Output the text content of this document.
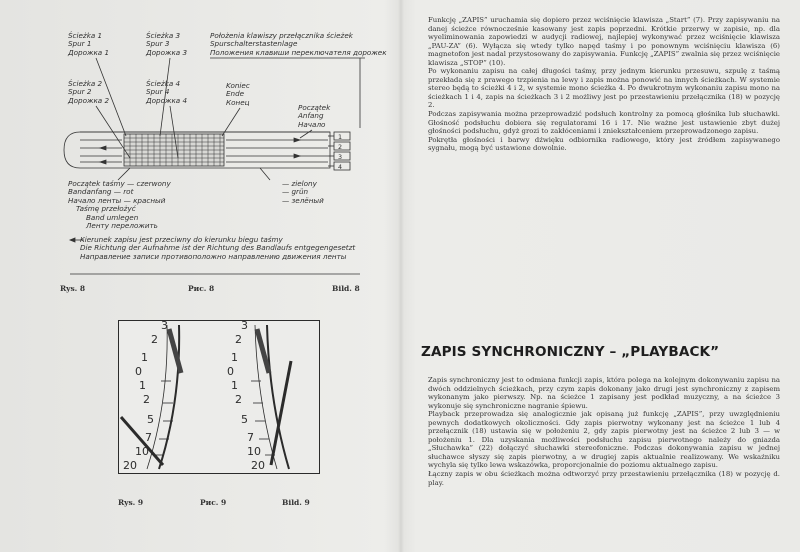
Ścieżka 1
Spur 1
Дорожка 1
Ścieżka 3
Spur 3
Дорожка 3
Położenia klawiszy przełącznika ścieżek
Spurschalterstastenlage
Положения клавиши переключателя дорожек
Ścieżka 2
Spur 2
Дорожка 2
Ścieżka 4
Spur 4
Дорожка 4
Koniec
Ende
Конец
Początek
Anfang
Начало
1
2
3
4
Początek taśmy — czerwony
Bandanfang — rot
Начало ленты — красный
Taśmę przełożyć
Band umlegen
Ленту переложить
— zielony
— grün
— зелёный
Kierunek zapisu jest przeciwny do kierunku biegu taśmy
Die Richtung der Aufnahme ist der Richtung des Bandlaufs entgegengesetzt
Направление записи противоположно направлению движения ленты
Rys. 8	Рис. 8	Bild. 8
3
2
1
0
1
2
5
7
10
20
3
2
1
0
1
2
5
7
10
20
Rys. 9	Рис. 9	Bild. 9

Funkcję „ZAPIS” uruchamia się dopiero przez wciśnięcie klawisza „Start” (7). Przy zapisywaniu na danej ścieżce równocześnie kasowany jest zapis poprzedni. Krótkie przerwy w zapisie, np. dla wyeliminowania zapowiedzi w audycji radiowej, najlepiej wykonywać przez wciśnięcie klawisza „PAU-ZA” (6). Wyłącza się wtedy tylko napęd taśmy i po ponownym wciśnięciu klawisza (6) magnetofon jest nadal przystosowany do zapisywania. Funkcję „ZAPIS” zwalnia się przez wciśnięcie klawisza „STOP” (10).

Po wykonaniu zapisu na całej długości taśmy, przy jednym kierunku przesuwu, szpulę z taśmą przekłada się z prawego trzpienia na lewy i zapis można ponowić na innych ścieżkach. W systemie stereo będą to ścieżki 4 i 2, w systemie mono ścieżka 4. Po dwukrotnym wykonaniu zapisu mono na ścieżkach 1 i 4, zapis na ścieżkach 3 i 2 możliwy jest po przestawieniu przełącznika (18) w pozycję 2.

Podczas zapisywania można przeprowadzić podsłuch kontrolny za pomocą głośnika lub słuchawki. Głośność podsłuchu dobiera się regulatorami 16 i 17. Nie ważne jest ustawienie zbyt dużej głośności podsłuchu, gdyż grozi to zakłóceniami i zniekształceniem przeprowadzonego zapisu.

Pokrętła głośności i barwy dźwięku odbiornika radiowego, który jest źródłem zapisywanego sygnału, mogą być ustawione dowolnie.

ZAPIS SYNCHRONICZNY – „PLAYBACK”

Zapis synchroniczny jest to odmiana funkcji zapis, która polega na kolejnym dokonywaniu zapisu na dwóch oddzielnych ścieżkach, przy czym zapis dokonany jako drugi jest synchroniczny z zapisem wykonanym jako pierwszy. Np. na ścieżce 1 zapisany jest podkład muzyczny, a na ścieżce 3 wykonuje się synchroniczne nagranie śpiewu.

Playback przeprowadza się analogicznie jak opisaną już funkcję „ZAPIS”, przy uwzględnieniu pewnych dodatkowych okoliczności. Gdy zapis pierwotny wykonany jest na ścieżce 1 lub 4 przełącznik (18) ustawia się w położeniu 2, gdy zapis pierwotny jest na ścieżce 2 lub 3 — w położeniu 1. Dla uzyskania możliwości podsłuchu zapisu pierwotnego należy do gniazda „Słuchawka” (22) dołączyć słuchawki stereofoniczne. Podczas dokonywania zapisu w jednej słuchawce słyszy się zapis pierwotny, a w drugiej zapis aktualnie realizowany. We wskaźniku wychyla się tylko lewa wskazówka, proporcjonalnie do poziomu aktualnego zapisu.

Łączny zapis w obu ścieżkach można odtworzyć przy przestawieniu przełącznika (18) w pozycję d. play.
